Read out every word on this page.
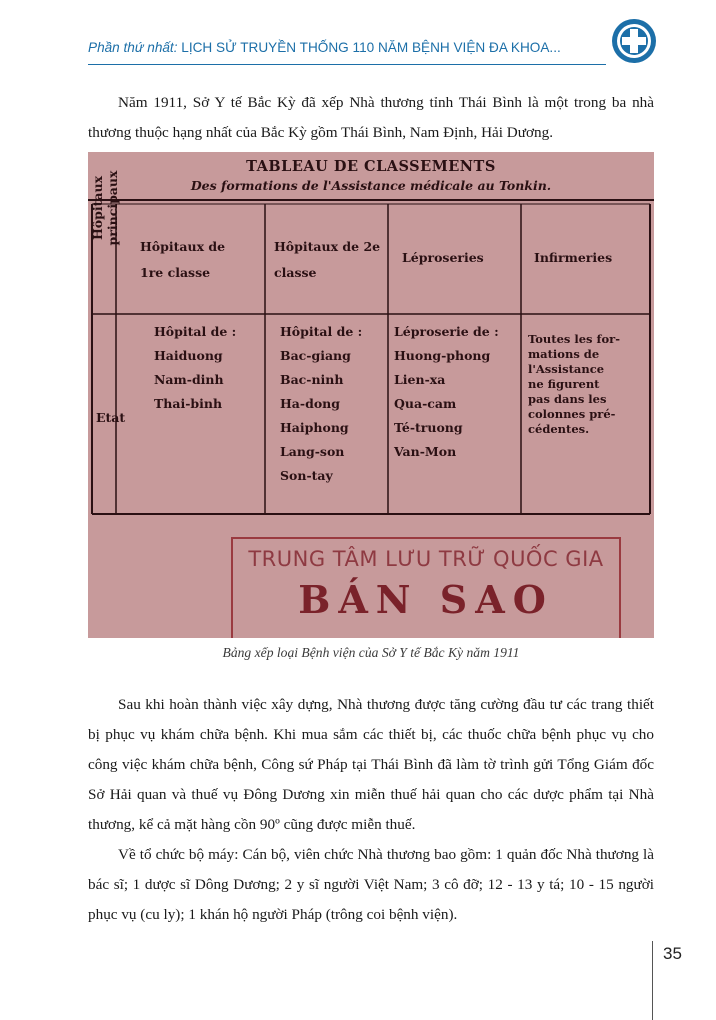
Phần thứ nhất: LỊCH SỬ TRUYỀN THỐNG 110 NĂM BỆNH VIỆN ĐA KHOA...
Năm 1911, Sở Y tế Bắc Kỳ đã xếp Nhà thương tỉnh Thái Bình là một trong ba nhà thương thuộc hạng nhất của Bắc Kỳ gồm Thái Bình, Nam Định, Hải Dương.
TABLEAU DE CLASSEMENTS
Des formations de l'Assistance médicale au Tonkin.
Hôpitaux principaux
Etat
Hôpitaux de 1re classe
Hôpitaux de 2e classe
Léproseries	Infirmeries
Hôpital de :
Haiduong
Nam-dinh
Thai-binh
Hôpital de :
Bac-giang
Bac-ninh
Ha-dong
Haiphong
Lang-son
Son-tay
Léproserie de :
Huong-phong
Lien-xa
Qua-cam
Té-truong
Van-Mon
Toutes les for-
mations de
l'Assistance
ne figurent
pas dans les
colonnes pré-
cédentes.
TRUNG TÂM LƯU TRỮ QUỐC GIA
BÁN SAO
Bảng xếp loại Bệnh viện của Sở Y tế Bắc Kỳ năm 1911
Sau khi hoàn thành việc xây dựng, Nhà thương được tăng cường đầu tư các trang thiết bị phục vụ khám chữa bệnh. Khi mua sắm các thiết bị, các thuốc chữa bệnh phục vụ cho công việc khám chữa bệnh, Công sứ Pháp tại Thái Bình đã làm tờ trình gửi Tổng Giám đốc Sở Hải quan và thuế vụ Đông Dương xin miễn thuế hải quan cho các dược phẩm tại Nhà thương, kể cả mặt hàng cồn 90º cũng được miễn thuế.
Về tổ chức bộ máy: Cán bộ, viên chức Nhà thương bao gồm: 1 quản đốc Nhà thương là bác sĩ; 1 dược sĩ Dông Dương; 2 y sĩ người Việt Nam; 3 cô đỡ; 12 - 13 y tá; 10 - 15 người phục vụ (cu ly); 1 khán hộ người Pháp (trông coi bệnh viện).
35
